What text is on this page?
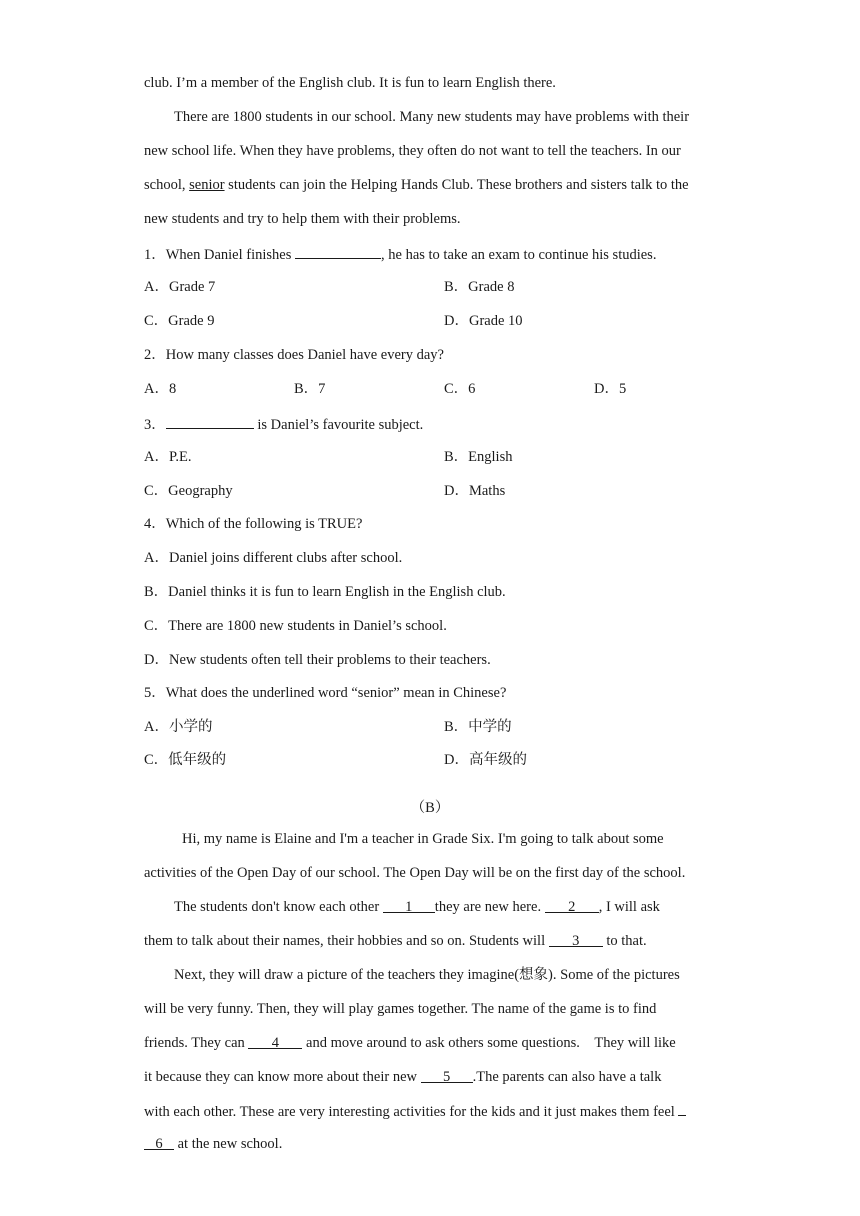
club. I’m a member of the English club. It is fun to learn English there.
There are 1800 students in our school. Many new students may have problems with their
new school life. When they have problems, they often do not want to tell the teachers. In our
school, senior students can join the Helping Hands Club. These brothers and sisters talk to the
new students and try to help them with their problems.
1．When Daniel finishes	, he has to take an exam to continue his studies.
A．Grade 7	B．Grade 8
C．Grade 9	D．Grade 10
2．How many classes does Daniel have every day?
A．8	B．7	C．6	D．5
3．	is Daniel’s favourite subject.
A．P.E.	B．English
C．Geography	D．Maths
4．Which of the following is TRUE?
A．Daniel joins different clubs after school.
B．Daniel thinks it is fun to learn English in the English club.
C．There are 1800 new students in Daniel’s school.
D．New students often tell their problems to their teachers.
5．What does the underlined word “senior” mean in Chinese?
A．小学的	B．中学的
C．低年级的	D．高年级的
（B）
Hi, my name is Elaine and I'm a teacher in Grade Six. I'm going to talk about some
activities of the Open Day of our school. The Open Day will be on the first day of the school.
The students don't know each other 1 they are new here. 2 , I will ask
them to talk about their names, their hobbies and so on. Students will 3 to that.
Next, they will draw a picture of the teachers they imagine(想象). Some of the pictures
will be very funny. Then, they will play games together. The name of the game is to find
friends. They can 4 and move around to ask others some questions. They will like
it because they can know more about their new 5 .The parents can also have a talk
with each other. These are very interesting activities for the kids and it just makes them feel
6 at the new school.
